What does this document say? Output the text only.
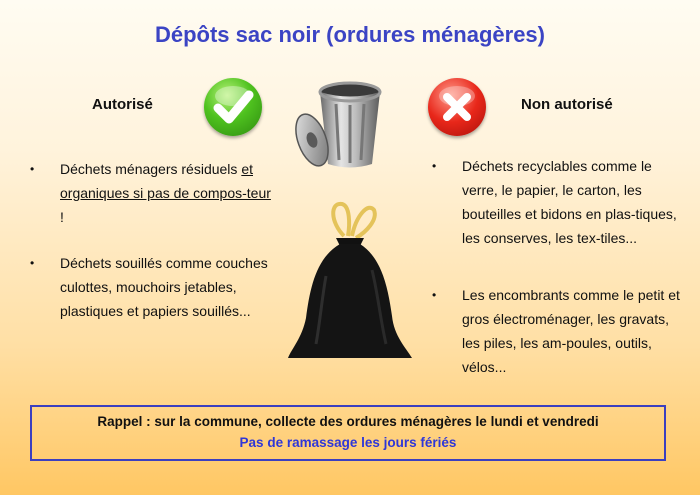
Dépôts sac noir (ordures ménagères)
Autorisé	Non autorisé
• Déchets ménagers résiduels et organiques si pas de compos-teur !
• Déchets souillés comme couches culottes, mouchoirs jetables, plastiques et papiers souillés...
• Déchets recyclables comme le verre, le papier, le carton, les bouteilles et bidons en plas-tiques, les conserves, les tex-tiles...
• Les encombrants comme le petit et gros électroménager, les gravats, les piles, les am-poules, outils, vélos...
Rappel : sur la commune, collecte des ordures ménagères le lundi et vendredi
Pas de ramassage les jours fériés
